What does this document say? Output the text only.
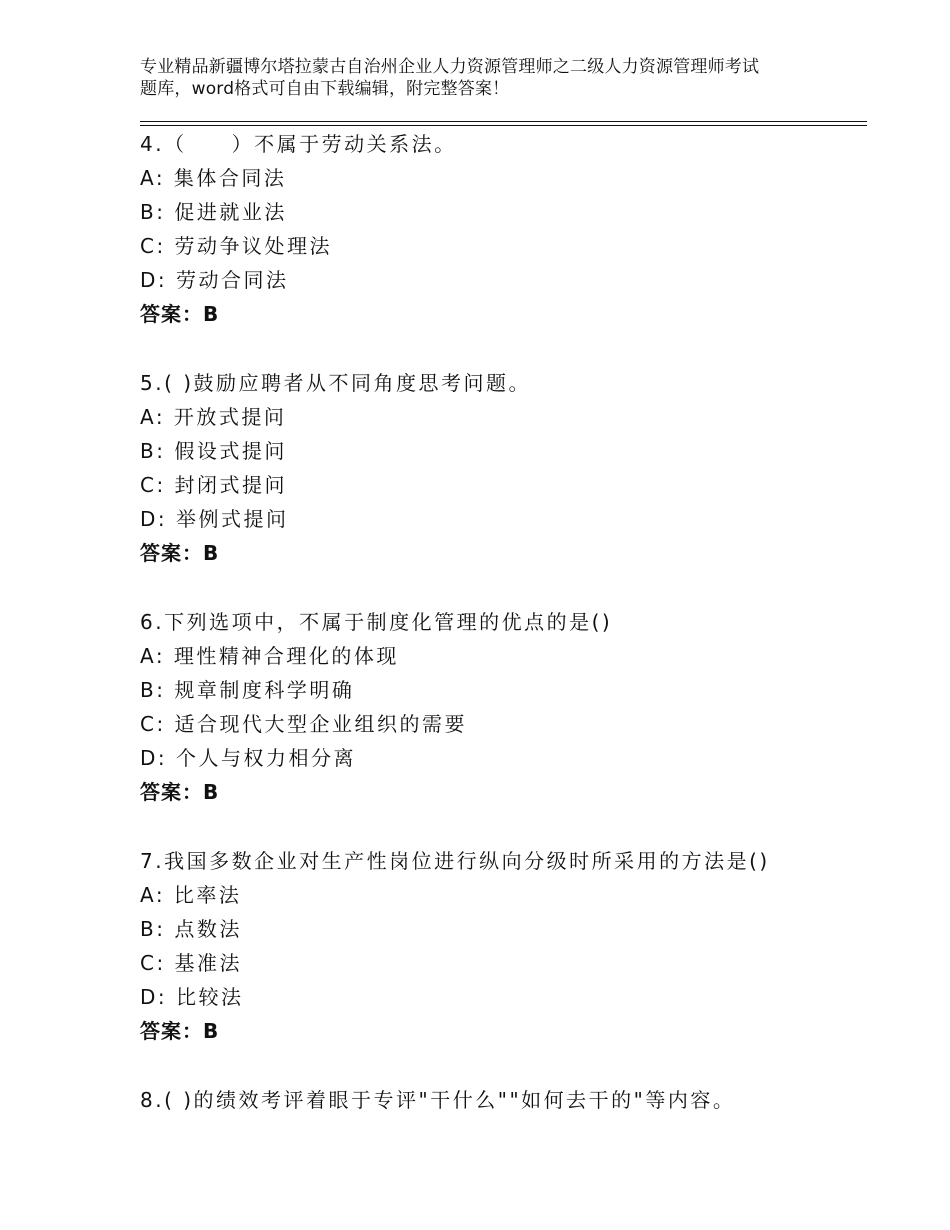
专业精品新疆博尔塔拉蒙古自治州企业人力资源管理师之二级人力资源管理师考试
题库，word格式可自由下载编辑，附完整答案！
4.（　　）不属于劳动关系法。
A: 集体合同法
B: 促进就业法
C: 劳动争议处理法
D: 劳动合同法
答案：B
5.( )鼓励应聘者从不同角度思考问题。
A: 开放式提问
B: 假设式提问
C: 封闭式提问
D: 举例式提问
答案：B
6.下列选项中，不属于制度化管理的优点的是()
A: 理性精神合理化的体现
B: 规章制度科学明确
C: 适合现代大型企业组织的需要
D: 个人与权力相分离
答案：B
7.我国多数企业对生产性岗位进行纵向分级时所采用的方法是()
A: 比率法
B: 点数法
C: 基准法
D: 比较法
答案：B
8.( )的绩效考评着眼于专评"干什么""如何去干的"等内容。
